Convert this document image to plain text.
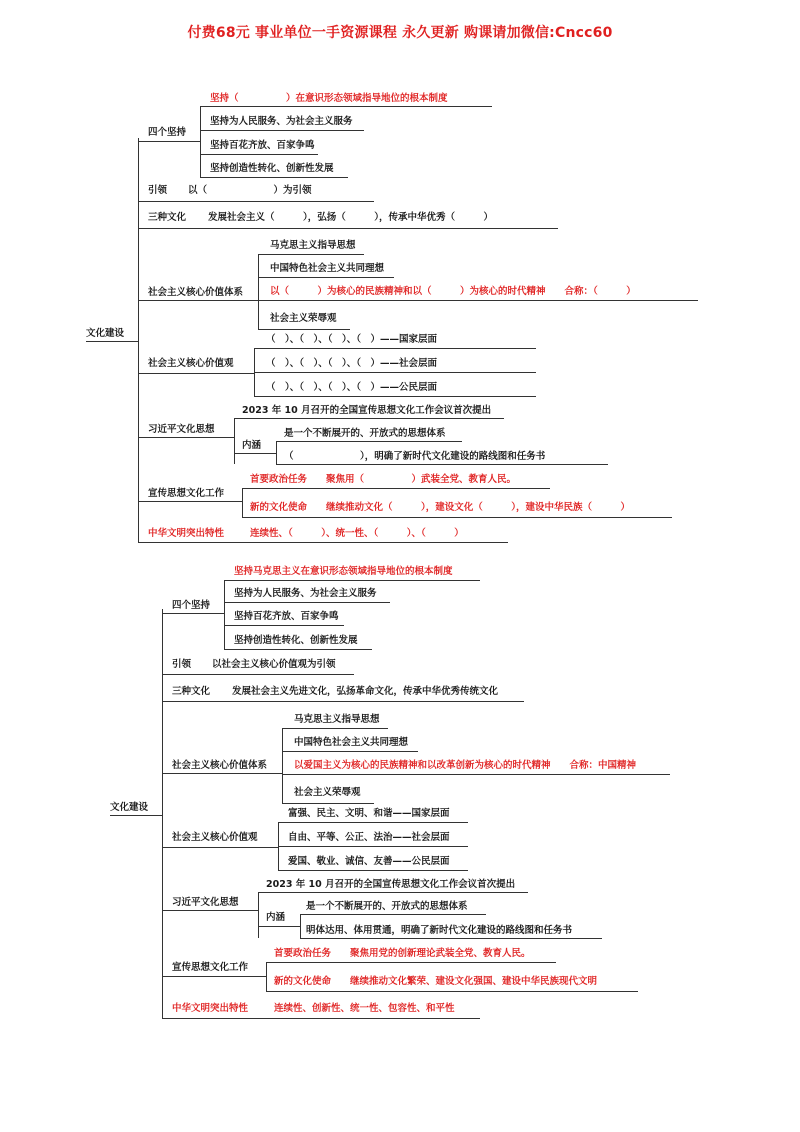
付费68元 事业单位一手资源课程 永久更新 购课请加微信:Cncc60
文化建设
四个坚持
坚持（　　　　　）在意识形态领域指导地位的根本制度
坚持为人民服务、为社会主义服务
坚持百花齐放、百家争鸣
坚持创造性转化、创新性发展
引领 以（　　　　　　　）为引领
三种文化 发展社会主义（　　　），弘扬（　　　），传承中华优秀（　　　）
社会主义核心价值体系
马克思主义指导思想
中国特色社会主义共同理想
以（　　　）为核心的民族精神和以（　　　）为核心的时代精神　　合称：（　　　）
社会主义荣辱观
社会主义核心价值观
（　）、（　）、（　）、（　）——国家层面
（　）、（　）、（　）、（　）——社会层面
（　）、（　）、（　）、（　）——公民层面
习近平文化思想
2023 年 10 月召开的全国宣传思想文化工作会议首次提出
内涵
是一个不断展开的、开放式的思想体系
（　　　　　　　），明确了新时代文化建设的路线图和任务书
宣传思想文化工作
首要政治任务　　聚焦用（　　　　　）武装全党、教育人民。
新的文化使命　　继续推动文化（　　　），建设文化（　　　），建设中华民族（　　　）
中华文明突出特性	连续性、（　　　）、统一性、（　　　）、（　　　）
文化建设
四个坚持
坚持马克思主义在意识形态领域指导地位的根本制度
坚持为人民服务、为社会主义服务
坚持百花齐放、百家争鸣
坚持创造性转化、创新性发展
引领 以社会主义核心价值观为引领
三种文化 发展社会主义先进文化，弘扬革命文化，传承中华优秀传统文化
社会主义核心价值体系
马克思主义指导思想
中国特色社会主义共同理想
以爱国主义为核心的民族精神和以改革创新为核心的时代精神　　合称：中国精神
社会主义荣辱观
社会主义核心价值观
富强、民主、文明、和谐——国家层面
自由、平等、公正、法治——社会层面
爱国、敬业、诚信、友善——公民层面
习近平文化思想
2023 年 10 月召开的全国宣传思想文化工作会议首次提出
内涵
是一个不断展开的、开放式的思想体系
明体达用、体用贯通，明确了新时代文化建设的路线图和任务书
宣传思想文化工作
首要政治任务　　聚焦用党的创新理论武装全党、教育人民。
新的文化使命　　继续推动文化繁荣、建设文化强国、建设中华民族现代文明
中华文明突出特性	连续性、创新性、统一性、包容性、和平性
